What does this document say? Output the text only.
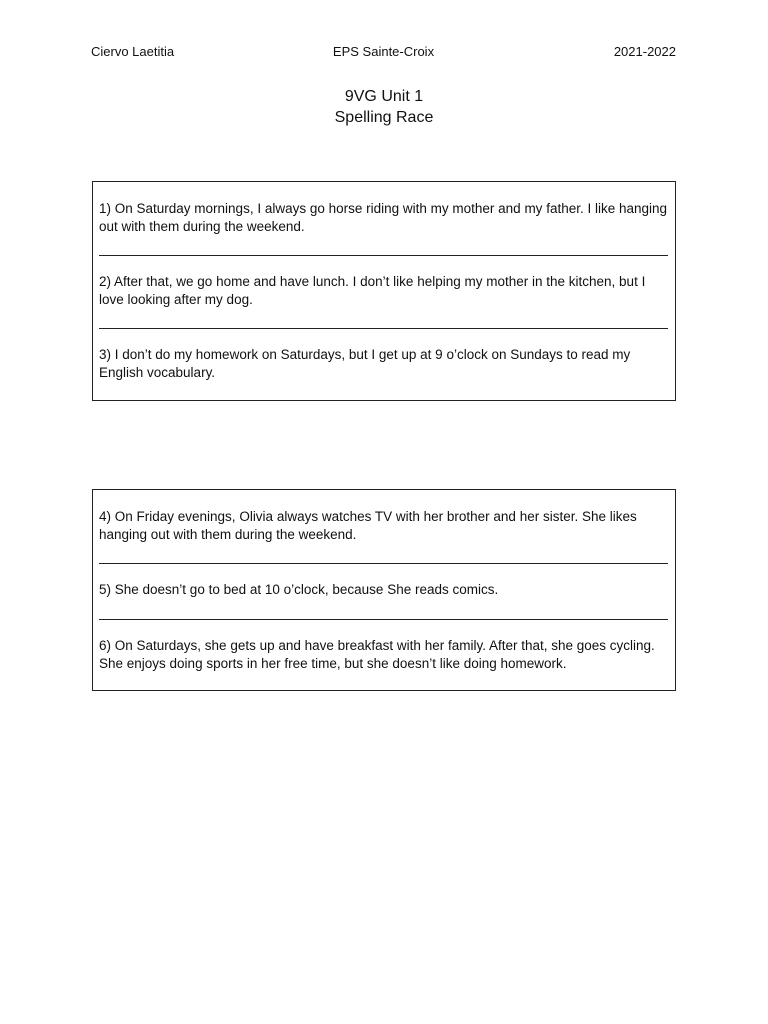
Ciervo Laetitia	EPS Sainte-Croix	2021-2022
9VG Unit 1
Spelling Race
1) On Saturday mornings, I always go horse riding with my mother and my father. I like hanging out with them during the weekend.
2) After that, we go home and have lunch. I don’t like helping my mother in the kitchen, but I love looking after my dog.
3) I don’t do my homework on Saturdays, but I get up at 9 o’clock on Sundays to read my English vocabulary.
4) On Friday evenings, Olivia always watches TV with her brother and her sister. She likes hanging out with them during the weekend.
5) She doesn’t go to bed at 10 o’clock, because She reads comics.
6) On Saturdays, she gets up and have breakfast with her family. After that, she goes cycling. She enjoys doing sports in her free time, but she doesn’t like doing homework.
